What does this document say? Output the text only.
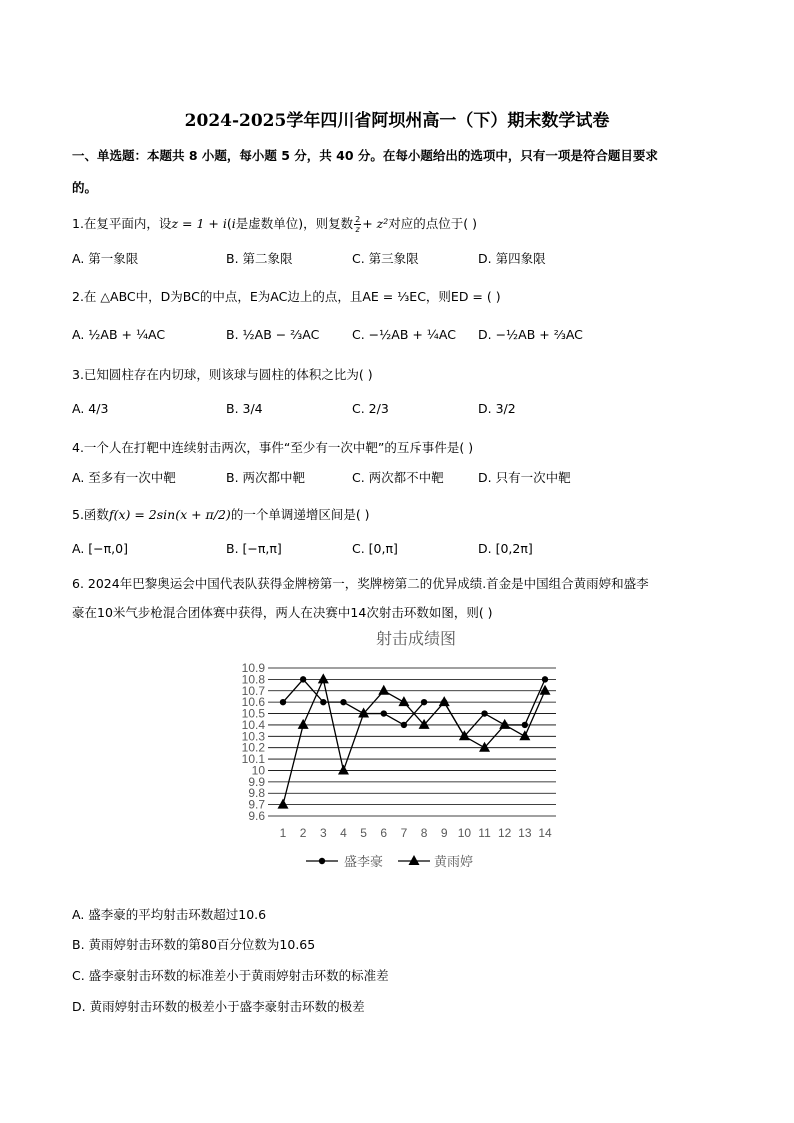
2024-2025学年四川省阿坝州高一（下）期末数学试卷
一、单选题：本题共 8 小题，每小题 5 分，共 40 分。在每小题给出的选项中，只有一项是符合题目要求
的。
1.在复平面内，设z = 1 + i(i是虚数单位)，则复数 $\frac{2}{z} + z^2$对应的点位于( )
A. 第一象限	B. 第二象限	C. 第三象限	D. 第四象限
2.在 △ABC中，D为BC的中点，E为AC边上的点，且AE = ⅓EC，则ED = ( )
A. ½AB + ¼AC	B. ½AB − ⅔AC	C. −½AB + ¼AC D. −½AB + ⅔AC
3.已知圆柱存在内切球，则该球与圆柱的体积之比为( )
A. 4/3	B. 3/4	C. 2/3	D. 3/2
4.一个人在打靶中连续射击两次，事件“至少有一次中靶”的互斥事件是( )
A. 至多有一次中靶	B. 两次都中靶	C. 两次都不中靶	D. 只有一次中靶
5.函数f(x) = 2sin(x + π/2)的一个单调递增区间是( )
A. [−π,0]	B. [−π,π]	C. [0,π]	D. [0,2π]
6. 2024年巴黎奥运会中国代表队获得金牌榜第一，奖牌榜第二的优异成绩.首金是中国组合黄雨婷和盛李
豪在10米气步枪混合团体赛中获得，两人在决赛中14次射击环数如图，则( )
射击成绩图
9.6
9.7
9.8
9.9
10
10.1
10.2
10.3
10.4
10.5
10.6
10.7
10.8
10.9
1 2 3 4 5 6 7 8 9 10 11 12 13 14
盛李豪	黄雨婷
A. 盛李豪的平均射击环数超过10.6
B. 黄雨婷射击环数的第80百分位数为10.65
C. 盛李豪射击环数的标准差小于黄雨婷射击环数的标准差
D. 黄雨婷射击环数的极差小于盛李豪射击环数的极差
